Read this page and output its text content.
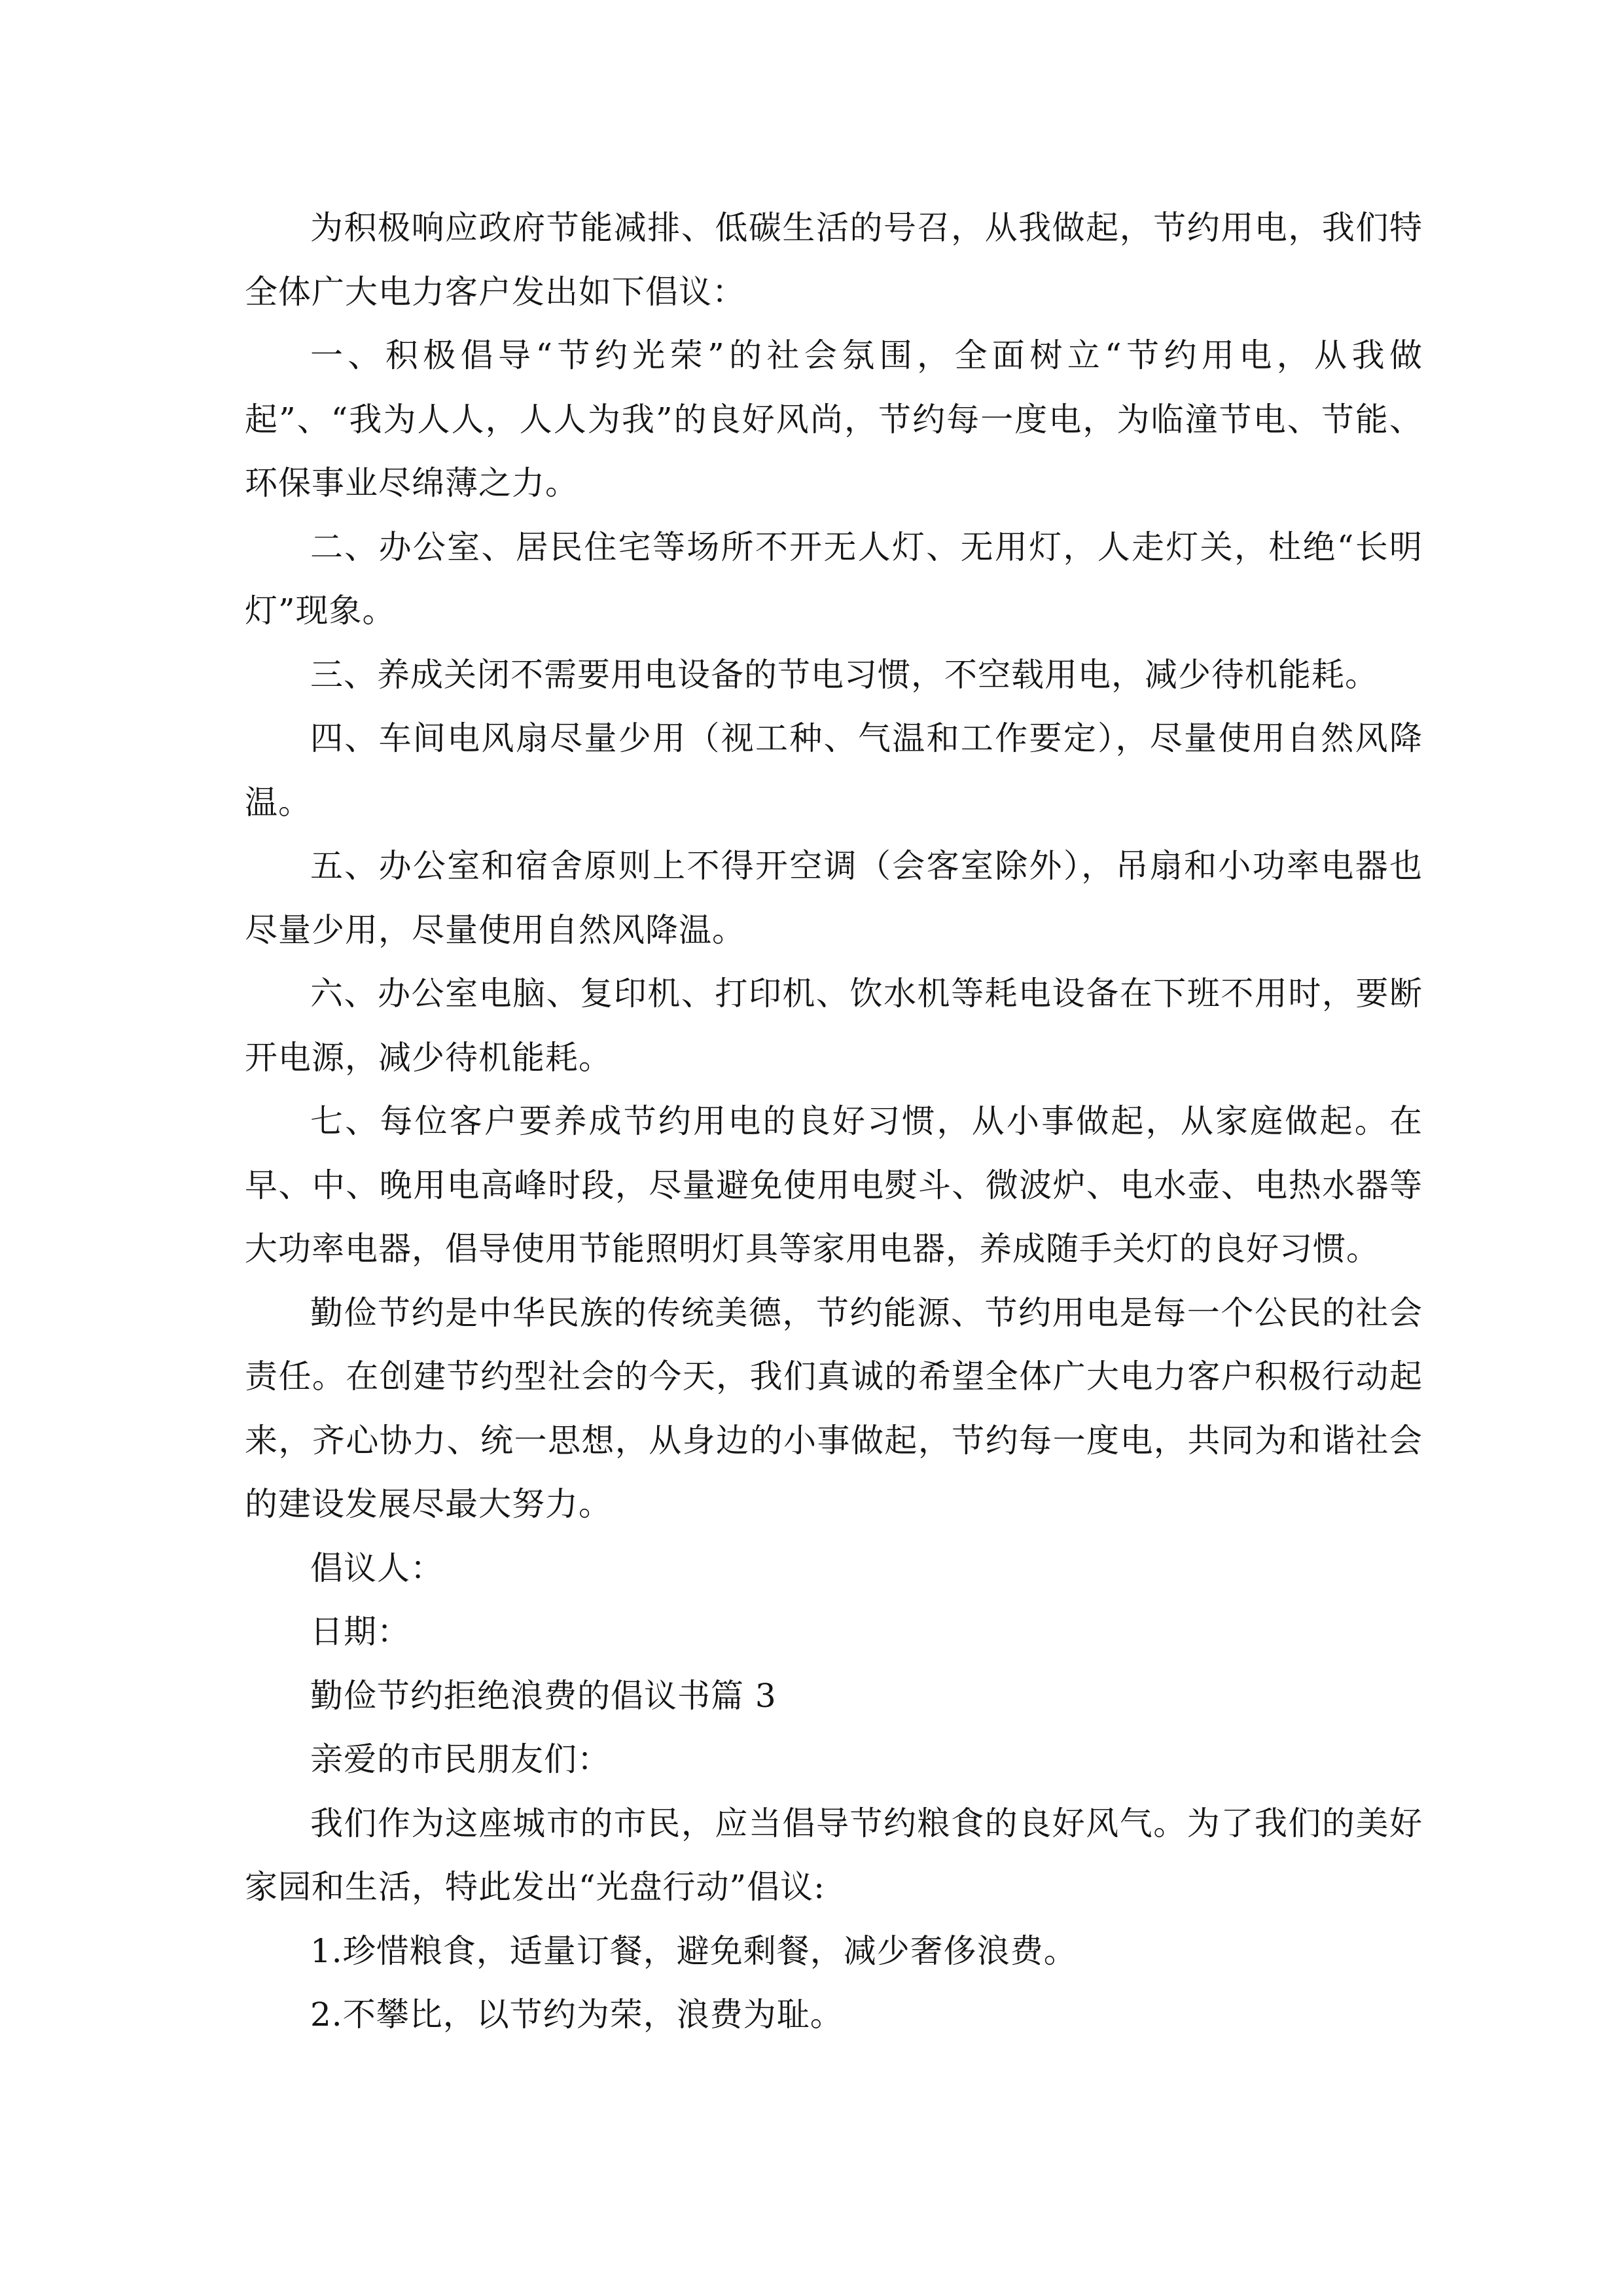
为积极响应政府节能减排、低碳生活的号召，从我做起，节约用电，我们特全体广大电力客户发出如下倡议：

一、积极倡导“节约光荣”的社会氛围，全面树立“节约用电，从我做起”、“我为人人，人人为我”的良好风尚，节约每一度电，为临潼节电、节能、环保事业尽绵薄之力。

二、办公室、居民住宅等场所不开无人灯、无用灯，人走灯关，杜绝“长明灯”现象。

三、养成关闭不需要用电设备的节电习惯，不空载用电，减少待机能耗。

四、车间电风扇尽量少用（视工种、气温和工作要定），尽量使用自然风降温。

五、办公室和宿舍原则上不得开空调（会客室除外），吊扇和小功率电器也尽量少用，尽量使用自然风降温。

六、办公室电脑、复印机、打印机、饮水机等耗电设备在下班不用时，要断开电源，减少待机能耗。

七、每位客户要养成节约用电的良好习惯，从小事做起，从家庭做起。在早、中、晚用电高峰时段，尽量避免使用电熨斗、微波炉、电水壶、电热水器等大功率电器，倡导使用节能照明灯具等家用电器，养成随手关灯的良好习惯。

勤俭节约是中华民族的传统美德，节约能源、节约用电是每一个公民的社会责任。在创建节约型社会的今天，我们真诚的希望全体广大电力客户积极行动起来，齐心协力、统一思想，从身边的小事做起，节约每一度电，共同为和谐社会的建设发展尽最大努力。

倡议人：

日期：

勤俭节约拒绝浪费的倡议书篇 3

亲爱的市民朋友们：

我们作为这座城市的市民，应当倡导节约粮食的良好风气。为了我们的美好家园和生活，特此发出“光盘行动”倡议:

1.珍惜粮食，适量订餐，避免剩餐，减少奢侈浪费。

2.不攀比，以节约为荣，浪费为耻。
